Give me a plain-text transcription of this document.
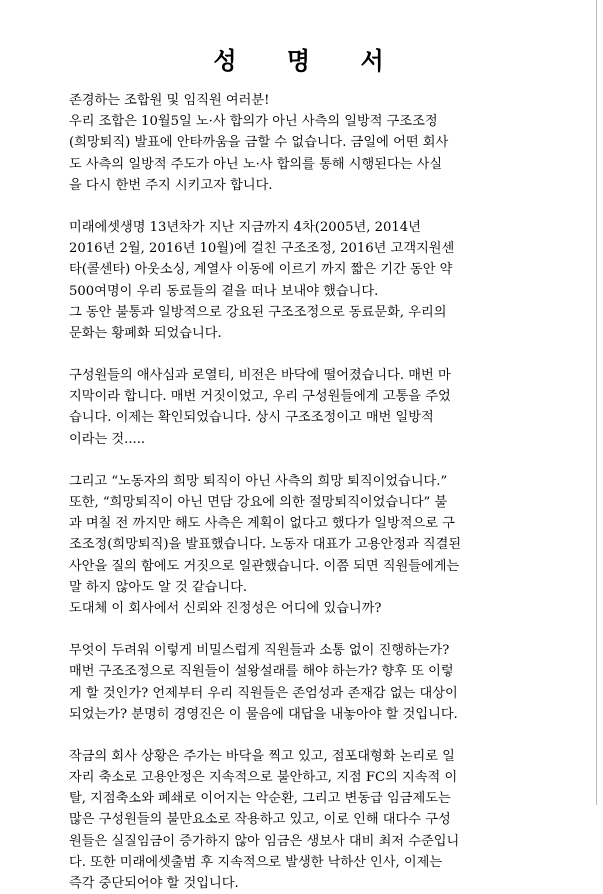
성 명 서
존경하는 조합원 및 임직원 여러분!
우리 조합은 10월5일 노·사 합의가 아닌 사측의 일방적 구조조정
(희망퇴직) 발표에 안타까움을 금할 수 없습니다. 금일에 어떤 회사
도 사측의 일방적 주도가 아닌 노·사 합의를 통해 시행된다는 사실
을 다시 한번 주지 시키고자 합니다.
미래에셋생명 13년차가 지난 지금까지 4차(2005년, 2014년
2016년 2월, 2016년 10월)에 걸친 구조조정, 2016년 고객지원센
타(콜센타) 아웃소싱, 계열사 이동에 이르기 까지 짧은 기간 동안 약
500여명이 우리 동료들의 곁을 떠나 보내야 했습니다.
그 동안 불통과 일방적으로 강요된 구조조정으로 동료문화, 우리의
문화는 황폐화 되었습니다.
구성원들의 애사심과 로열티, 비전은 바닥에 떨어졌습니다. 매번 마
지막이라 합니다. 매번 거짓이었고, 우리 구성원들에게 고통을 주었
습니다. 이제는 확인되었습니다. 상시 구조조정이고 매번 일방적
이라는 것.....
그리고 “노동자의 희망 퇴직이 아닌 사측의 희망 퇴직이었습니다.”
또한, “희망퇴직이 아닌 면담 강요에 의한 절망퇴직이었습니다” 불
과 며칠 전 까지만 해도 사측은 계획이 없다고 했다가 일방적으로 구
조조정(희망퇴직)을 발표했습니다. 노동자 대표가 고용안정과 직결된
사안을 질의 함에도 거짓으로 일관했습니다. 이쯤 되면 직원들에게는
말 하지 않아도 알 것 같습니다.
도대체 이 회사에서 신뢰와 진정성은 어디에 있습니까?
무엇이 두려워 이렇게 비밀스럽게 직원들과 소통 없이 진행하는가?
매번 구조조정으로 직원들이 설왕설래를 해야 하는가? 향후 또 이렇
게 할 것인가? 언제부터 우리 직원들은 존엄성과 존재감 없는 대상이
되었는가? 분명히 경영진은 이 물음에 대답을 내놓아야 할 것입니다.
작금의 회사 상황은 주가는 바닥을 찍고 있고, 점포대형화 논리로 일
자리 축소로 고용안정은 지속적으로 불안하고, 지점 FC의 지속적 이
탈, 지점축소와 폐쇄로 이어지는 악순환, 그리고 변동급 임금제도는
많은 구성원들의 불만요소로 작용하고 있고, 이로 인해 대다수 구성
원들은 실질임금이 증가하지 않아 임금은 생보사 대비 최저 수준입니
다. 또한 미래에셋출범 후 지속적으로 발생한 낙하산 인사, 이제는
즉각 중단되어야 할 것입니다.
